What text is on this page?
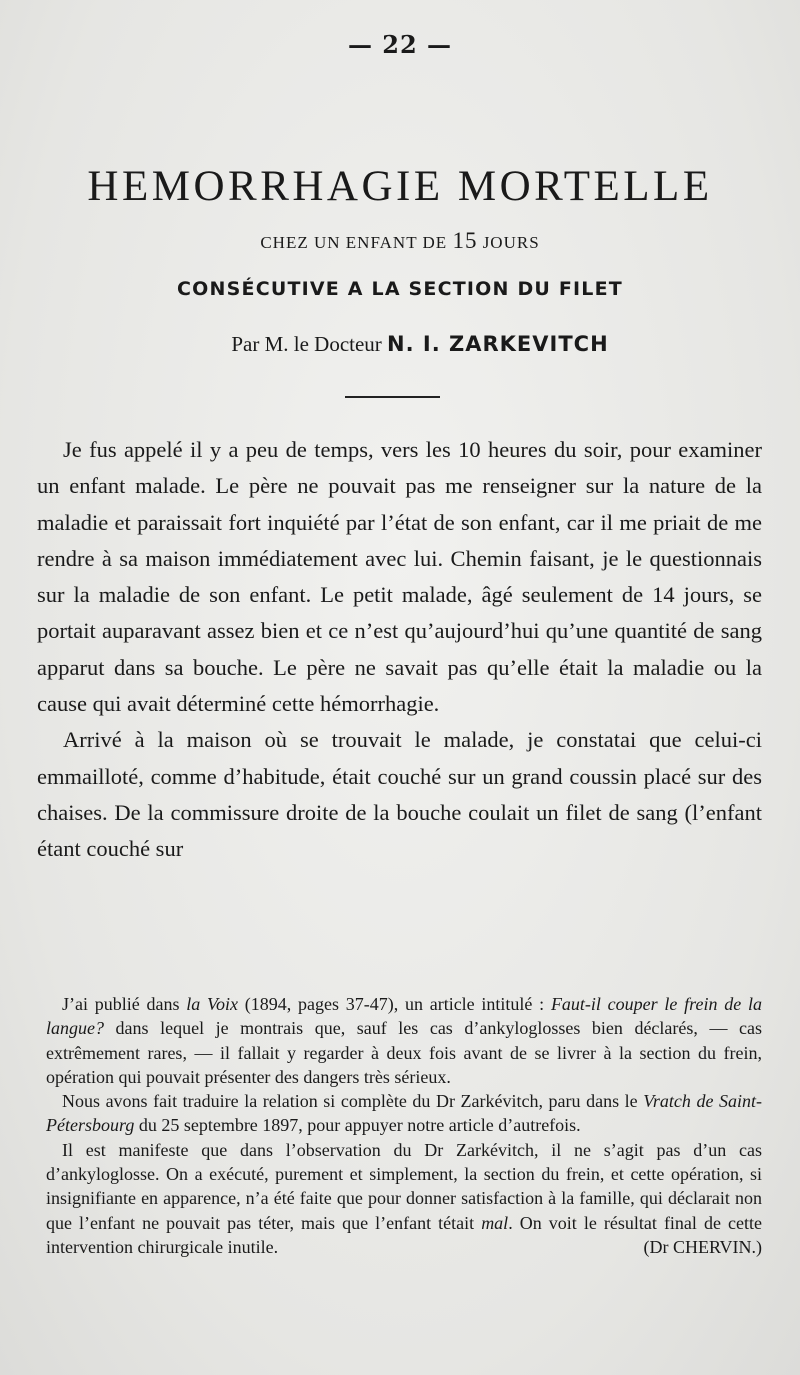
— 22 —
HEMORRHAGIE MORTELLE
CHEZ UN ENFANT DE 15 JOURS
CONSÉCUTIVE A LA SECTION DU FILET
Par M. le Docteur N. I. ZARKEVITCH

Je fus appelé il y a peu de temps, vers les 10 heures du soir, pour examiner un enfant malade. Le père ne pouvait pas me renseigner sur la nature de la maladie et paraissait fort inquiété par l’état de son enfant, car il me priait de me rendre à sa maison immédiatement avec lui. Chemin faisant, je le questionnais sur la maladie de son enfant. Le petit malade, âgé seulement de 14 jours, se portait auparavant assez bien et ce n’est qu’aujourd’hui qu’une quantité de sang apparut dans sa bouche. Le père ne savait pas qu’elle était la maladie ou la cause qui avait déterminé cette hémorrhagie.

Arrivé à la maison où se trouvait le malade, je constatai que celui-ci emmailloté, comme d’habitude, était couché sur un grand coussin placé sur des chaises. De la commissure droite de la bouche coulait un filet de sang (l’enfant étant couché sur

J’ai publié dans la Voix (1894, pages 37-47), un article intitulé : Faut-il couper le frein de la langue? dans lequel je montrais que, sauf les cas d’ankyloglosses bien déclarés, — cas extrêmement rares, — il fallait y regarder à deux fois avant de se livrer à la section du frein, opération qui pouvait présenter des dangers très sérieux.

Nous avons fait traduire la relation si complète du Dr Zarkévitch, paru dans le Vratch de Saint-Pétersbourg du 25 septembre 1897, pour appuyer notre article d’autrefois.

Il est manifeste que dans l’observation du Dr Zarkévitch, il ne s’agit pas d’un cas d’ankyloglosse. On a exécuté, purement et simplement, la section du frein, et cette opération, si insignifiante en apparence, n’a été faite que pour donner satisfaction à la famille, qui déclarait non que l’enfant ne pouvait pas téter, mais que l’enfant tétait mal. On voit le résultat final de cette intervention chirurgicale inutile.	(Dr CHERVIN.)
